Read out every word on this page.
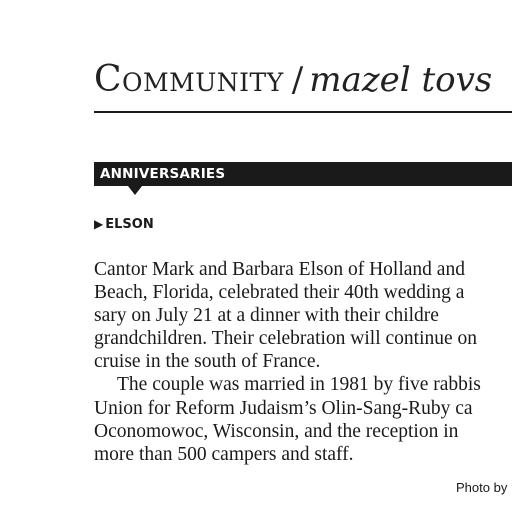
Community / mazel tovs
ANNIVERSARIES
▶ ELSON
Cantor Mark and Barbara Elson of Holland and
Beach, Florida, celebrated their 40th wedding a
sary on July 21 at a dinner with their childre
grandchildren. Their celebration will continue on
cruise in the south of France.
The couple was married in 1981 by five rabbis
Union for Reform Judaism’s Olin-Sang-Ruby ca
Oconomowoc, Wisconsin, and the reception in
more than 500 campers and staff.
Photo by
